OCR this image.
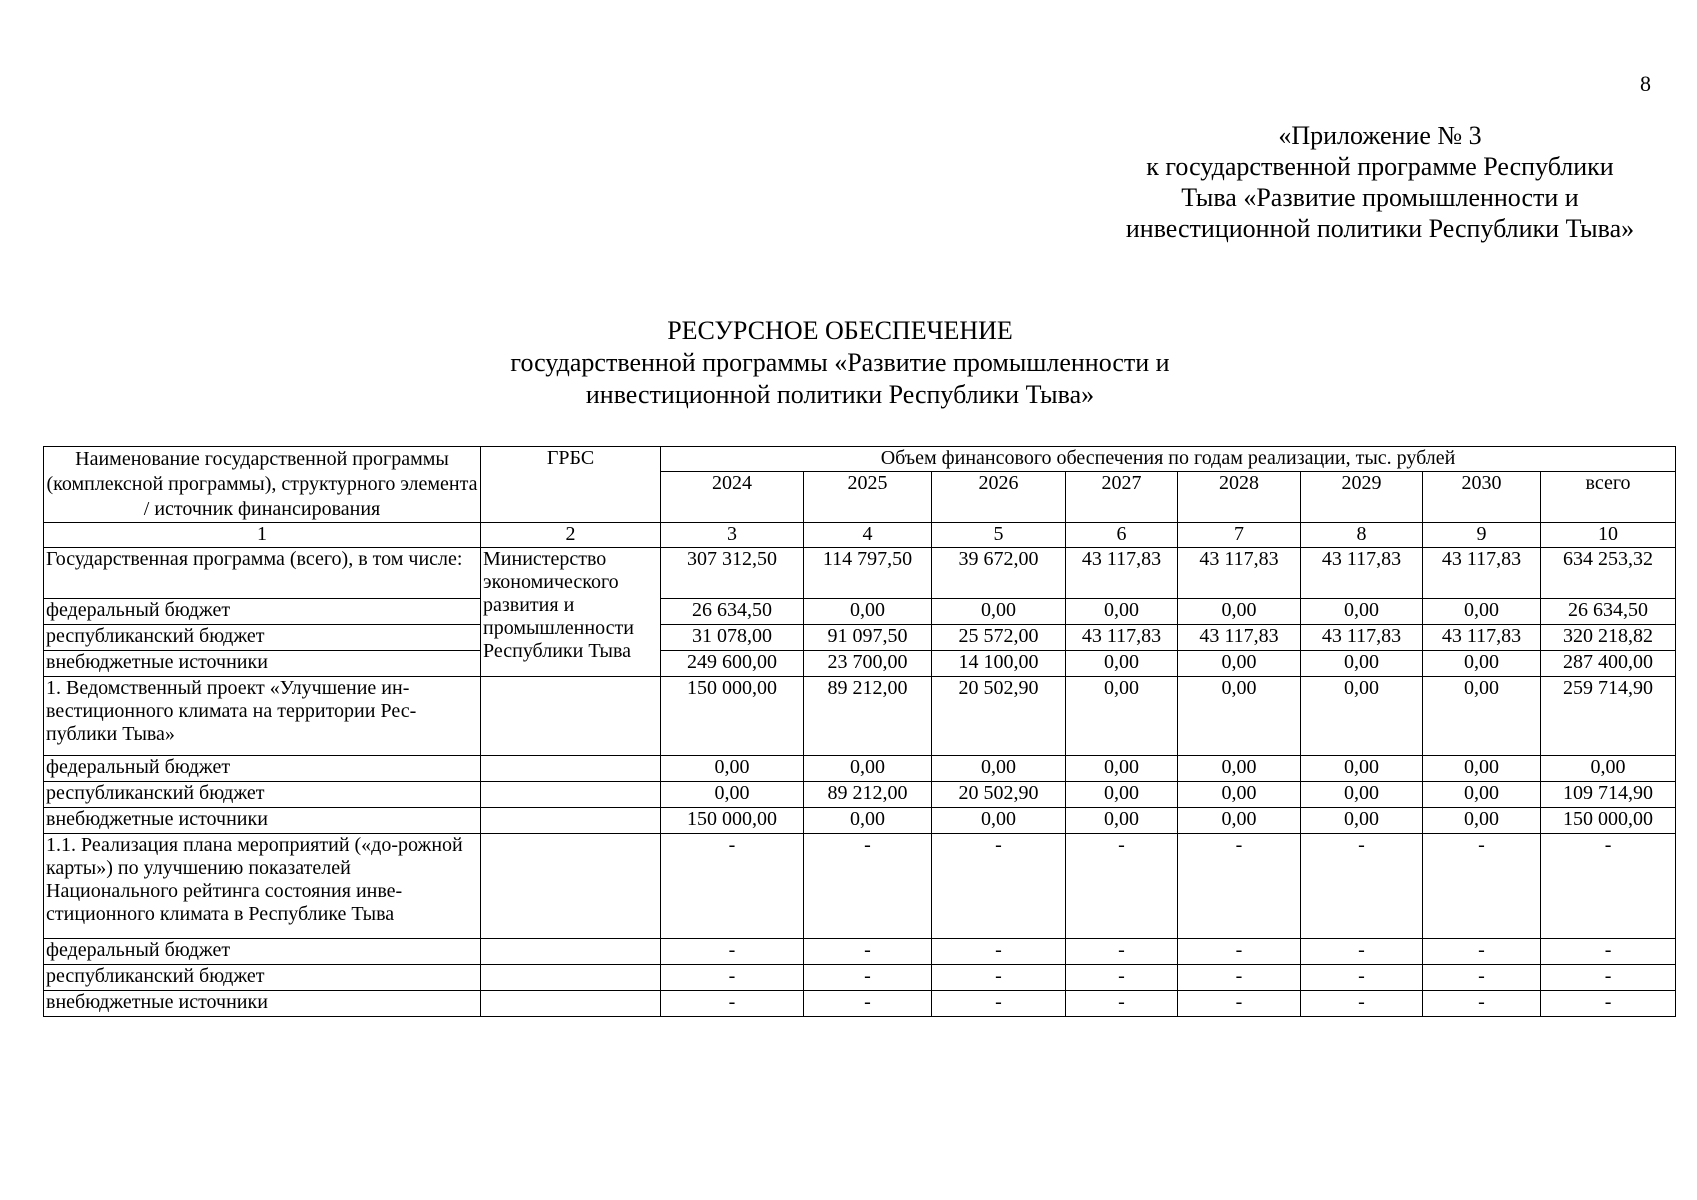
8
«Приложение № 3
к государственной программе Республики
Тыва «Развитие промышленности и
инвестиционной политики Республики Тыва»
РЕСУРСНОЕ ОБЕСПЕЧЕНИЕ
государственной программы «Развитие промышленности и
инвестиционной политики Республики Тыва»
Наименование государственной программы (комплексной программы), структурного элемента / источник финансирования	ГРБС	Объем финансового обеспечения по годам реализации, тыс. рублей							
		2024	2025	2026	2027	2028	2029	2030	всего
1	2	3	4	5	6	7	8	9	10
Государственная программа (всего), в том числе:	Министерство экономического развития и промышленности Республики Тыва	307 312,50	114 797,50	39 672,00	43 117,83	43 117,83	43 117,83	43 117,83	634 253,32
федеральный бюджет		26 634,50	0,00	0,00	0,00	0,00	0,00	0,00	26 634,50
республиканский бюджет		31 078,00	91 097,50	25 572,00	43 117,83	43 117,83	43 117,83	43 117,83	320 218,82
внебюджетные источники		249 600,00	23 700,00	14 100,00	0,00	0,00	0,00	0,00	287 400,00
1. Ведомственный проект «Улучшение ин-вестиционного климата на территории Рес-публики Тыва»		150 000,00	89 212,00	20 502,90	0,00	0,00	0,00	0,00	259 714,90
федеральный бюджет		0,00	0,00	0,00	0,00	0,00	0,00	0,00	0,00
республиканский бюджет		0,00	89 212,00	20 502,90	0,00	0,00	0,00	0,00	109 714,90
внебюджетные источники		150 000,00	0,00	0,00	0,00	0,00	0,00	0,00	150 000,00
1.1. Реализация плана мероприятий («до-рожной карты») по улучшению показателей Национального рейтинга состояния инве-стиционного климата в Республике Тыва		-	-	-	-	-	-	-	-
федеральный бюджет		-	-	-	-	-	-	-	-
республиканский бюджет		-	-	-	-	-	-	-	-
внебюджетные источники		-	-	-	-	-	-	-	-
